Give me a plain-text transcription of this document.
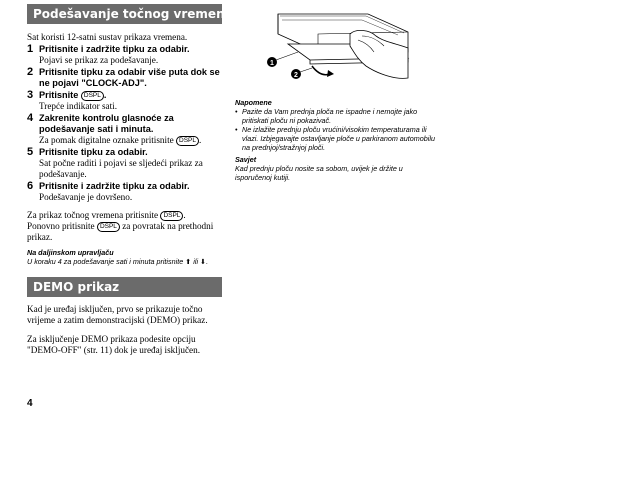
Podešavanje točnog vremena
Sat koristi 12-satni sustav prikaza vremena.
1 Pritisnite i zadržite tipku za odabir.
Pojavi se prikaz za podešavanje.
2 Pritisnite tipku za odabir više puta dok se ne pojavi "CLOCK-ADJ".
3 Pritisnite DSPL .
Trepće indikator sati.
4 Zakrenite kontrolu glasnoće za podešavanje sati i minuta.
Za pomak digitalne oznake pritisnite DSPL .
5 Pritisnite tipku za odabir.
Sat počne raditi i pojavi se sljedeći prikaz za podešavanje.
6 Pritisnite i zadržite tipku za odabir.
Podešavanje je dovršeno.
Za prikaz točnog vremena pritisnite DSPL .
Ponovno pritisnite DSPL za povratak na prethodni prikaz.
Na daljinskom upravljaču
U koraku 4 za podešavanje sati i minuta pritisnite ⬆ ili ⬇.
DEMO prikaz
Kad je uređaj isključen, prvo se prikazuje točno vrijeme a zatim demonstracijski (DEMO) prikaz.
Za isključenje DEMO prikaza podesite opciju "DEMO-OFF" (str. 11) dok je uređaj isključen.
1
2
Napomene
• Pazite da Vam prednja ploča ne ispadne i nemojte jako pritiskati ploču ni pokazivač.
• Ne izlažite prednju ploču vrućini/visokim temperaturama ili vlazi. Izbjegavajte ostavljanje ploče u parkiranom automobilu na prednjoj/stražnjoj ploči.
Savjet
Kad prednju ploču nosite sa sobom, uvijek je držite u isporučenoj kutiji.
4
